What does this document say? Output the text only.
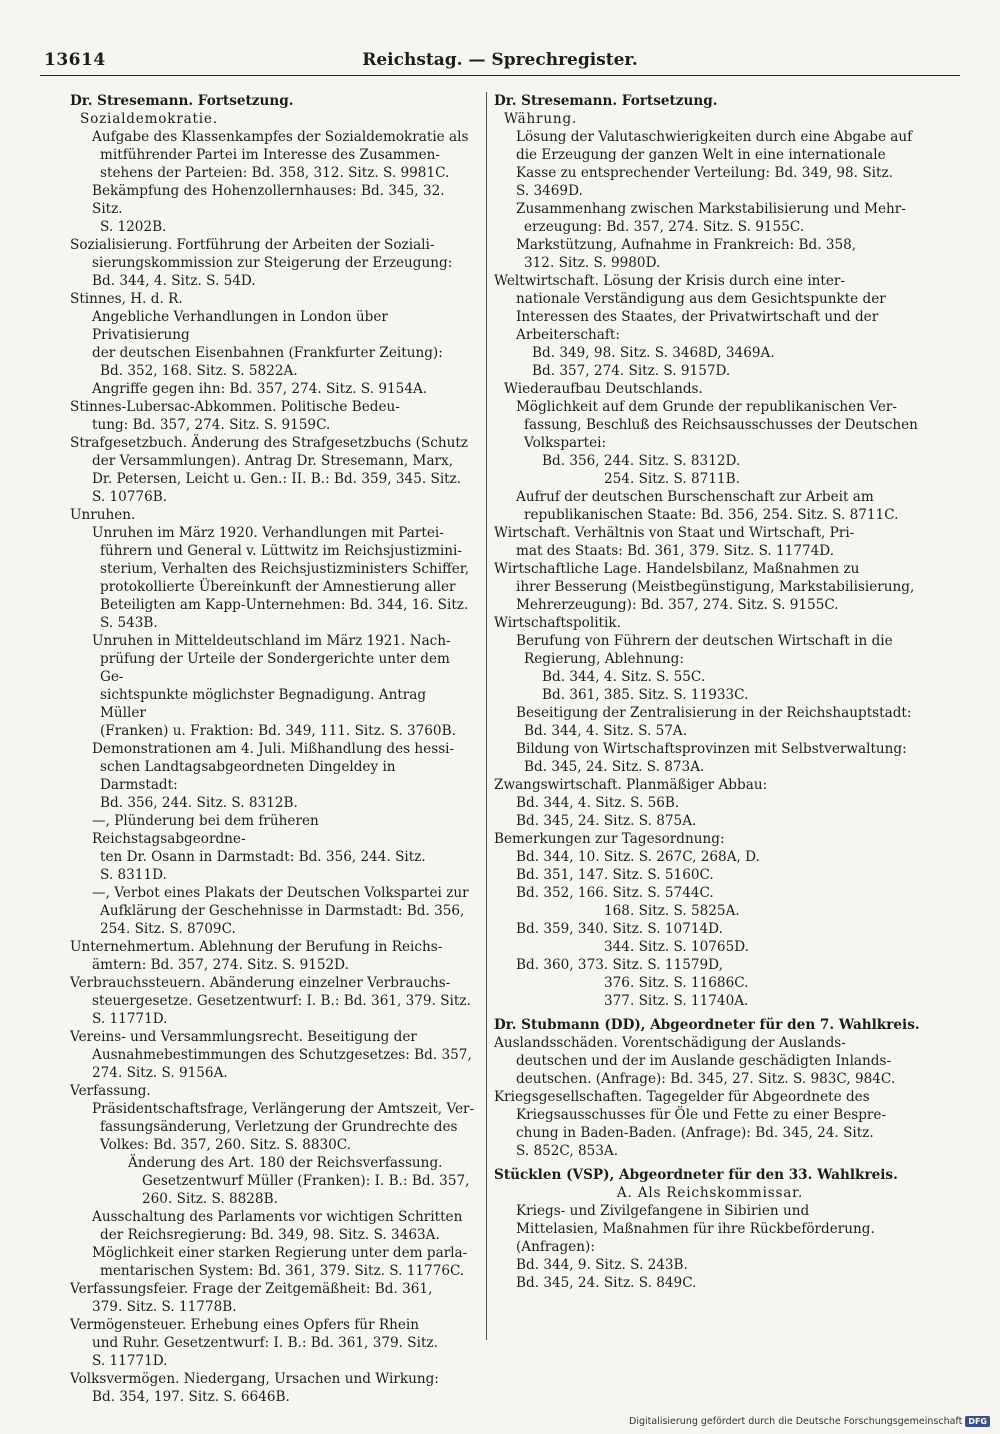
13614	Reichstag. — Sprechregister.
Dr. Stresemann. Fortsetzung.
Sozialdemokratie.
Aufgabe des Klassenkampfes der Sozialdemokratie als
mitführender Partei im Interesse des Zusammen-
stehens der Parteien: Bd. 358, 312. Sitz. S. 9981C.
Bekämpfung des Hohenzollernhauses: Bd. 345, 32. Sitz.
S. 1202B.
Sozialisierung. Fortführung der Arbeiten der Soziali-
sierungskommission zur Steigerung der Erzeugung:
Bd. 344, 4. Sitz. S. 54D.
Stinnes, H. d. R.
Angebliche Verhandlungen in London über Privatisierung
der deutschen Eisenbahnen (Frankfurter Zeitung):
Bd. 352, 168. Sitz. S. 5822A.
Angriffe gegen ihn: Bd. 357, 274. Sitz. S. 9154A.
Stinnes-Lubersac-Abkommen. Politische Bedeu-
tung: Bd. 357, 274. Sitz. S. 9159C.
Strafgesetzbuch. Änderung des Strafgesetzbuchs (Schutz
der Versammlungen). Antrag Dr. Stresemann, Marx,
Dr. Petersen, Leicht u. Gen.: II. B.: Bd. 359, 345. Sitz.
S. 10776B.
Unruhen.
Unruhen im März 1920. Verhandlungen mit Partei-
führern und General v. Lüttwitz im Reichsjustizmini-
sterium, Verhalten des Reichsjustizministers Schiffer,
protokollierte Übereinkunft der Amnestierung aller
Beteiligten am Kapp-Unternehmen: Bd. 344, 16. Sitz.
S. 543B.
Unruhen in Mitteldeutschland im März 1921. Nach-
prüfung der Urteile der Sondergerichte unter dem Ge-
sichtspunkte möglichster Begnadigung. Antrag Müller
(Franken) u. Fraktion: Bd. 349, 111. Sitz. S. 3760B.
Demonstrationen am 4. Juli. Mißhandlung des hessi-
schen Landtagsabgeordneten Dingeldey in Darmstadt:
Bd. 356, 244. Sitz. S. 8312B.
—, Plünderung bei dem früheren Reichstagsabgeordne-
ten Dr. Osann in Darmstadt: Bd. 356, 244. Sitz.
S. 8311D.
—, Verbot eines Plakats der Deutschen Volkspartei zur
Aufklärung der Geschehnisse in Darmstadt: Bd. 356,
254. Sitz. S. 8709C.
Unternehmertum. Ablehnung der Berufung in Reichs-
ämtern: Bd. 357, 274. Sitz. S. 9152D.
Verbrauchssteuern. Abänderung einzelner Verbrauchs-
steuergesetze. Gesetzentwurf: I. B.: Bd. 361, 379. Sitz.
S. 11771D.
Vereins- und Versammlungsrecht. Beseitigung der
Ausnahmebestimmungen des Schutzgesetzes: Bd. 357,
274. Sitz. S. 9156A.
Verfassung.
Präsidentschaftsfrage, Verlängerung der Amtszeit, Ver-
fassungsänderung, Verletzung der Grundrechte des
Volkes: Bd. 357, 260. Sitz. S. 8830C.
Änderung des Art. 180 der Reichsverfassung.
Gesetzentwurf Müller (Franken): I. B.: Bd. 357,
260. Sitz. S. 8828B.
Ausschaltung des Parlaments vor wichtigen Schritten
der Reichsregierung: Bd. 349, 98. Sitz. S. 3463A.
Möglichkeit einer starken Regierung unter dem parla-
mentarischen System: Bd. 361, 379. Sitz. S. 11776C.
Verfassungsfeier. Frage der Zeitgemäßheit: Bd. 361,
379. Sitz. S. 11778B.
Vermögensteuer. Erhebung eines Opfers für Rhein
und Ruhr. Gesetzentwurf: I. B.: Bd. 361, 379. Sitz.
S. 11771D.
Volksvermögen. Niedergang, Ursachen und Wirkung:
Bd. 354, 197. Sitz. S. 6646B.
Dr. Stresemann. Fortsetzung.
Währung.
Lösung der Valutaschwierigkeiten durch eine Abgabe auf
die Erzeugung der ganzen Welt in eine internationale
Kasse zu entsprechender Verteilung: Bd. 349, 98. Sitz.
S. 3469D.
Zusammenhang zwischen Markstabilisierung und Mehr-
erzeugung: Bd. 357, 274. Sitz. S. 9155C.
Markstützung, Aufnahme in Frankreich: Bd. 358,
312. Sitz. S. 9980D.
Weltwirtschaft. Lösung der Krisis durch eine inter-
nationale Verständigung aus dem Gesichtspunkte der
Interessen des Staates, der Privatwirtschaft und der
Arbeiterschaft:
Bd. 349, 98. Sitz. S. 3468D, 3469A.
Bd. 357, 274. Sitz. S. 9157D.
Wiederaufbau Deutschlands.
Möglichkeit auf dem Grunde der republikanischen Ver-
fassung, Beschluß des Reichsausschusses der Deutschen
Volkspartei:
Bd. 356, 244. Sitz. S. 8312D.
254. Sitz. S. 8711B.
Aufruf der deutschen Burschenschaft zur Arbeit am
republikanischen Staate: Bd. 356, 254. Sitz. S. 8711C.
Wirtschaft. Verhältnis von Staat und Wirtschaft, Pri-
mat des Staats: Bd. 361, 379. Sitz. S. 11774D.
Wirtschaftliche Lage. Handelsbilanz, Maßnahmen zu
ihrer Besserung (Meistbegünstigung, Markstabilisierung,
Mehrerzeugung): Bd. 357, 274. Sitz. S. 9155C.
Wirtschaftspolitik.
Berufung von Führern der deutschen Wirtschaft in die
Regierung, Ablehnung:
Bd. 344, 4. Sitz. S. 55C.
Bd. 361, 385. Sitz. S. 11933C.
Beseitigung der Zentralisierung in der Reichshauptstadt:
Bd. 344, 4. Sitz. S. 57A.
Bildung von Wirtschaftsprovinzen mit Selbstverwaltung:
Bd. 345, 24. Sitz. S. 873A.
Zwangswirtschaft. Planmäßiger Abbau:
Bd. 344, 4. Sitz. S. 56B.
Bd. 345, 24. Sitz. S. 875A.
Bemerkungen zur Tagesordnung:
Bd. 344, 10. Sitz. S. 267C, 268A, D.
Bd. 351, 147. Sitz. S. 5160C.
Bd. 352, 166. Sitz. S. 5744C.
168. Sitz. S. 5825A.
Bd. 359, 340. Sitz. S. 10714D.
344. Sitz. S. 10765D.
Bd. 360, 373. Sitz. S. 11579D,
376. Sitz. S. 11686C.
377. Sitz. S. 11740A.
Dr. Stubmann (DD), Abgeordneter für den 7. Wahlkreis.
Auslandsschäden. Vorentschädigung der Auslands-
deutschen und der im Auslande geschädigten Inlands-
deutschen. (Anfrage): Bd. 345, 27. Sitz. S. 983C, 984C.
Kriegsgesellschaften. Tagegelder für Abgeordnete des
Kriegsausschusses für Öle und Fette zu einer Bespre-
chung in Baden-Baden. (Anfrage): Bd. 345, 24. Sitz.
S. 852C, 853A.
Stücklen (VSP), Abgeordneter für den 33. Wahlkreis.
A. Als Reichskommissar.
Kriegs- und Zivilgefangene in Sibirien und
Mittelasien, Maßnahmen für ihre Rückbeförderung.
(Anfragen):
Bd. 344, 9. Sitz. S. 243B.
Bd. 345, 24. Sitz. S. 849C.
Digitalisierung gefördert durch die Deutsche Forschungsgemeinschaft DFG
